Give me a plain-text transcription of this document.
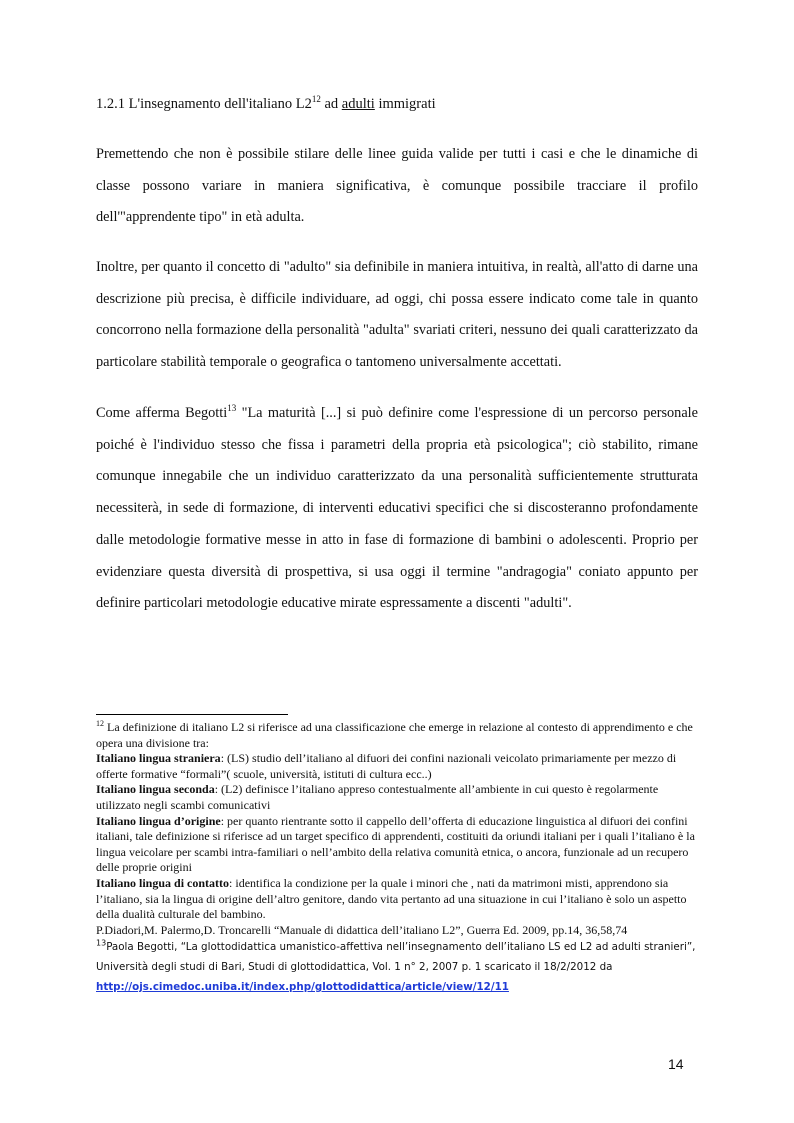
1.2.1 L'insegnamento dell'italiano $L2^{12}$ ad adulti immigrati

Premettendo che non è possibile stilare delle linee guida valide per tutti i casi e che le dinamiche di classe possono variare in maniera significativa, è comunque possibile tracciare il profilo dell'"apprendente tipo" in età adulta.

Inoltre, per quanto il concetto di "adulto" sia definibile in maniera intuitiva, in realtà, all'atto di darne una descrizione più precisa, è difficile individuare, ad oggi, chi possa essere indicato come tale in quanto concorrono nella formazione della personalità "adulta" svariati criteri, nessuno dei quali caratterizzato da particolare stabilità temporale o geografica o tantomeno universalmente accettati.

Come afferma Begotti$^{13}$ "La maturità [...] si può definire come l'espressione di un percorso personale poiché è l'individuo stesso che fissa i parametri della propria età psicologica"; ciò stabilito, rimane comunque innegabile che un individuo caratterizzato da una personalità sufficientemente strutturata necessiterà, in sede di formazione, di interventi educativi specifici che si discosteranno profondamente dalle metodologie formative messe in atto in fase di formazione di bambini o adolescenti. Proprio per evidenziare questa diversità di prospettiva, si usa oggi il termine "andragogia" coniato appunto per definire particolari metodologie educative mirate espressamente a discenti "adulti".

$^{12}$ La definizione di italiano L2 si riferisce ad una classificazione che emerge in relazione al contesto di apprendimento e che opera una divisione tra:
Italiano lingua straniera: (LS) studio dell’italiano al difuori dei confini nazionali veicolato primariamente per mezzo di offerte formative “formali”( scuole, università, istituti di cultura ecc..)
Italiano lingua seconda: (L2) definisce l’italiano appreso contestualmente all’ambiente in cui questo è regolarmente utilizzato negli scambi comunicativi
Italiano lingua d’origine: per quanto rientrante sotto il cappello dell’offerta di educazione linguistica al difuori dei confini italiani, tale definizione si riferisce ad un target specifico di apprendenti, costituiti da oriundi italiani per i quali l’italiano è la lingua veicolare per scambi intra-familiari o nell’ambito della relativa comunità etnica, o ancora, funzionale ad un recupero delle proprie origini
Italiano lingua di contatto: identifica la condizione per la quale i minori che , nati da matrimoni misti, apprendono sia l’italiano, sia la lingua di origine dell’altro genitore, dando vita pertanto ad una situazione in cui l’italiano è solo un aspetto della dualità culturale del bambino.
P.Diadori,M. Palermo,D. Troncarelli “Manuale di didattica dell’italiano L2”, Guerra Ed. 2009, pp.14, 36,58,74

$^{13}$Paola Begotti, “La glottodidattica umanistico-affettiva nell’insegnamento dell’italiano LS ed L2 ad adulti stranieri”, Università degli studi di Bari, Studi di glottodidattica, Vol. 1 n° 2, 2007 p. 1 scaricato il 18/2/2012 da
http://ojs.cimedoc.uniba.it/index.php/glottodidattica/article/view/12/11

14
